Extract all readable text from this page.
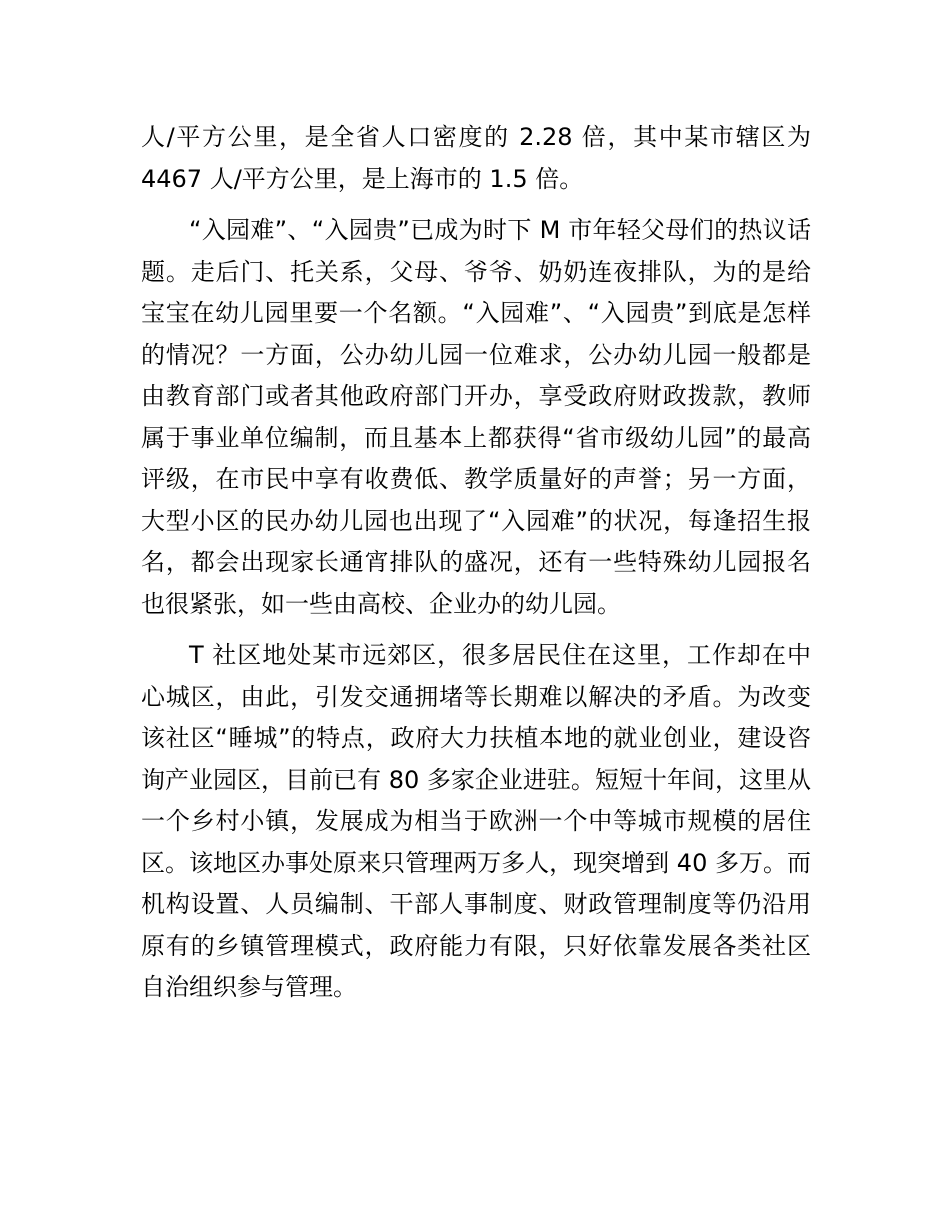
人/平方公里，是全省人口密度的 2.28 倍，其中某市辖区为 4467 人/平方公里，是上海市的 1.5 倍。

“入园难”、“入园贵”已成为时下 M 市年轻父母们的热议话题。走后门、托关系，父母、爷爷、奶奶连夜排队，为的是给宝宝在幼儿园里要一个名额。“入园难”、“入园贵”到底是怎样的情况？一方面，公办幼儿园一位难求，公办幼儿园一般都是由教育部门或者其他政府部门开办，享受政府财政拨款，教师属于事业单位编制，而且基本上都获得“省市级幼儿园”的最高评级，在市民中享有收费低、教学质量好的声誉；另一方面，大型小区的民办幼儿园也出现了“入园难”的状况，每逢招生报名，都会出现家长通宵排队的盛况，还有一些特殊幼儿园报名也很紧张，如一些由高校、企业办的幼儿园。

T 社区地处某市远郊区，很多居民住在这里，工作却在中心城区，由此，引发交通拥堵等长期难以解决的矛盾。为改变该社区“睡城”的特点，政府大力扶植本地的就业创业，建设咨询产业园区，目前已有 80 多家企业进驻。短短十年间，这里从一个乡村小镇，发展成为相当于欧洲一个中等城市规模的居住区。该地区办事处原来只管理两万多人，现突增到 40 多万。而机构设置、人员编制、干部人事制度、财政管理制度等仍沿用原有的乡镇管理模式，政府能力有限，只好依靠发展各类社区自治组织参与管理。
